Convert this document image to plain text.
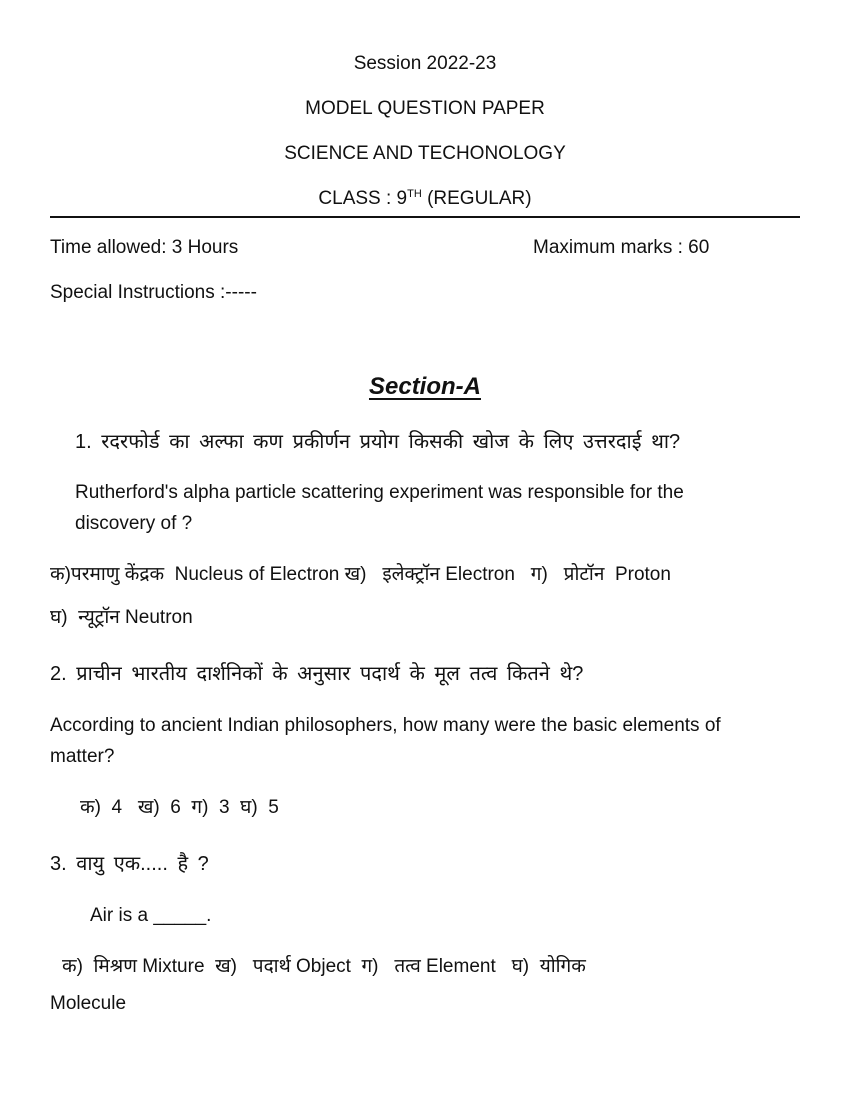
Session 2022-23
MODEL QUESTION PAPER
SCIENCE AND TECHONOLOGY
CLASS : 9TH (REGULAR)
Time allowed: 3 Hours	Maximum marks : 60
Special Instructions :-----
Section-A
1. रदरफोर्ड का अल्फा कण प्रकीर्णन प्रयोग किसकी खोज के लिए उत्तरदाई था?
Rutherford's alpha particle scattering experiment was responsible for the
discovery of ?
क)परमाणु केंद्रक  Nucleus of Electron ख)   इलेक्ट्रॉन Electron   ग)   प्रोटॉन  Proton
घ)  न्यूट्रॉन Neutron
2. प्राचीन भारतीय दार्शनिकों के अनुसार पदार्थ के मूल तत्व कितने थे?
According to ancient Indian philosophers, how many were the basic elements of
matter?
क)  4   ख)  6  ग)  3  घ)  5
3. वायु एक..... है ?
Air is a _____.
क)  मिश्रण Mixture  ख)   पदार्थ Object  ग)   तत्व Element   घ)  योगिक
Molecule
